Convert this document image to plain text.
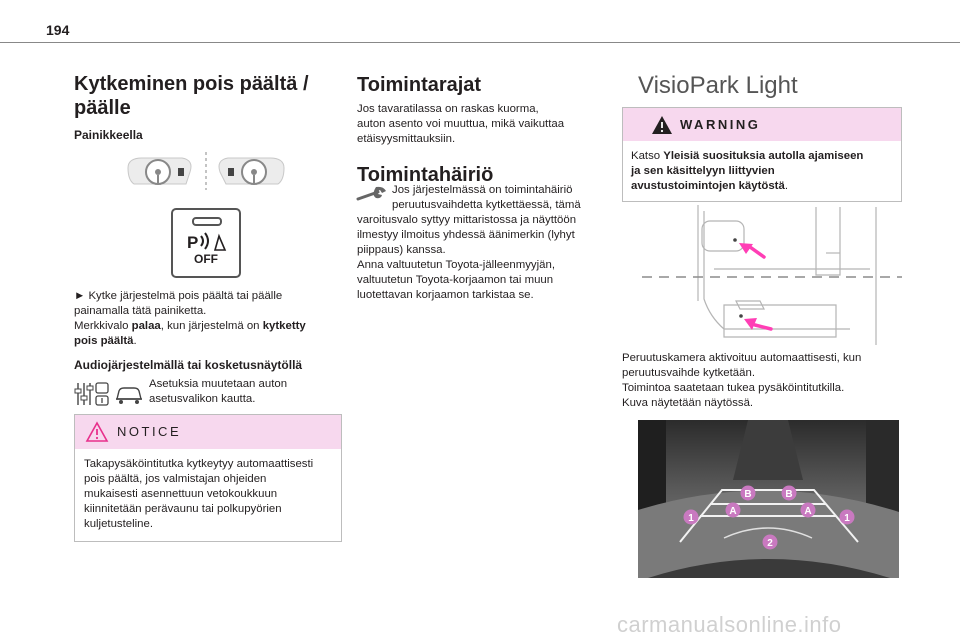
194
Kytkeminen pois päältä /
päälle
Painikkeella
P
OFF

► Kytke järjestelmä pois päältä tai päälle
painamalla tätä painiketta.
Merkkivalo palaa, kun järjestelmä on kytketty
pois päältä.

Audiojärjestelmällä tai kosketusnäytöllä

Asetuksia muutetaan auton
asetusvalikon kautta.

NOTICE

Takapysäköintitutka kytkeytyy automaattisesti
pois päältä, jos valmistajan ohjeiden
mukaisesti asennettuun vetokoukkuun
kiinnitetään perävaunu tai polkupyörien
kuljetusteline.

Toimintarajat

Jos tavaratilassa on raskas kuorma,
auton asento voi muuttua, mikä vaikuttaa
etäisyysmittauksiin.

Toimintahäiriö

Jos järjestelmässä on toimintahäiriö
peruutusvaihdetta kytkettäessä, tämä

varoitusvalo syttyy mittaristossa ja näyttöön
ilmestyy ilmoitus yhdessä äänimerkin (lyhyt
piippaus) kanssa.
Anna valtuutetun Toyota-jälleenmyyjän,
valtuutetun Toyota-korjaamon tai muun
luotettavan korjaamon tarkistaa se.

VisioPark Light
WARNING

Katso Yleisiä suosituksia autolla ajamiseen
ja sen käsittelyyn liittyvien
avustustoimintojen käytöstä.

Peruutuskamera aktivoituu automaattisesti, kun
peruutusvaihde kytketään.
Toimintoa saatetaan tukea pysäköintitutkilla.
Kuva näytetään näytössä.

B	B
A	A
1	1
2
carmanualsonline.info
